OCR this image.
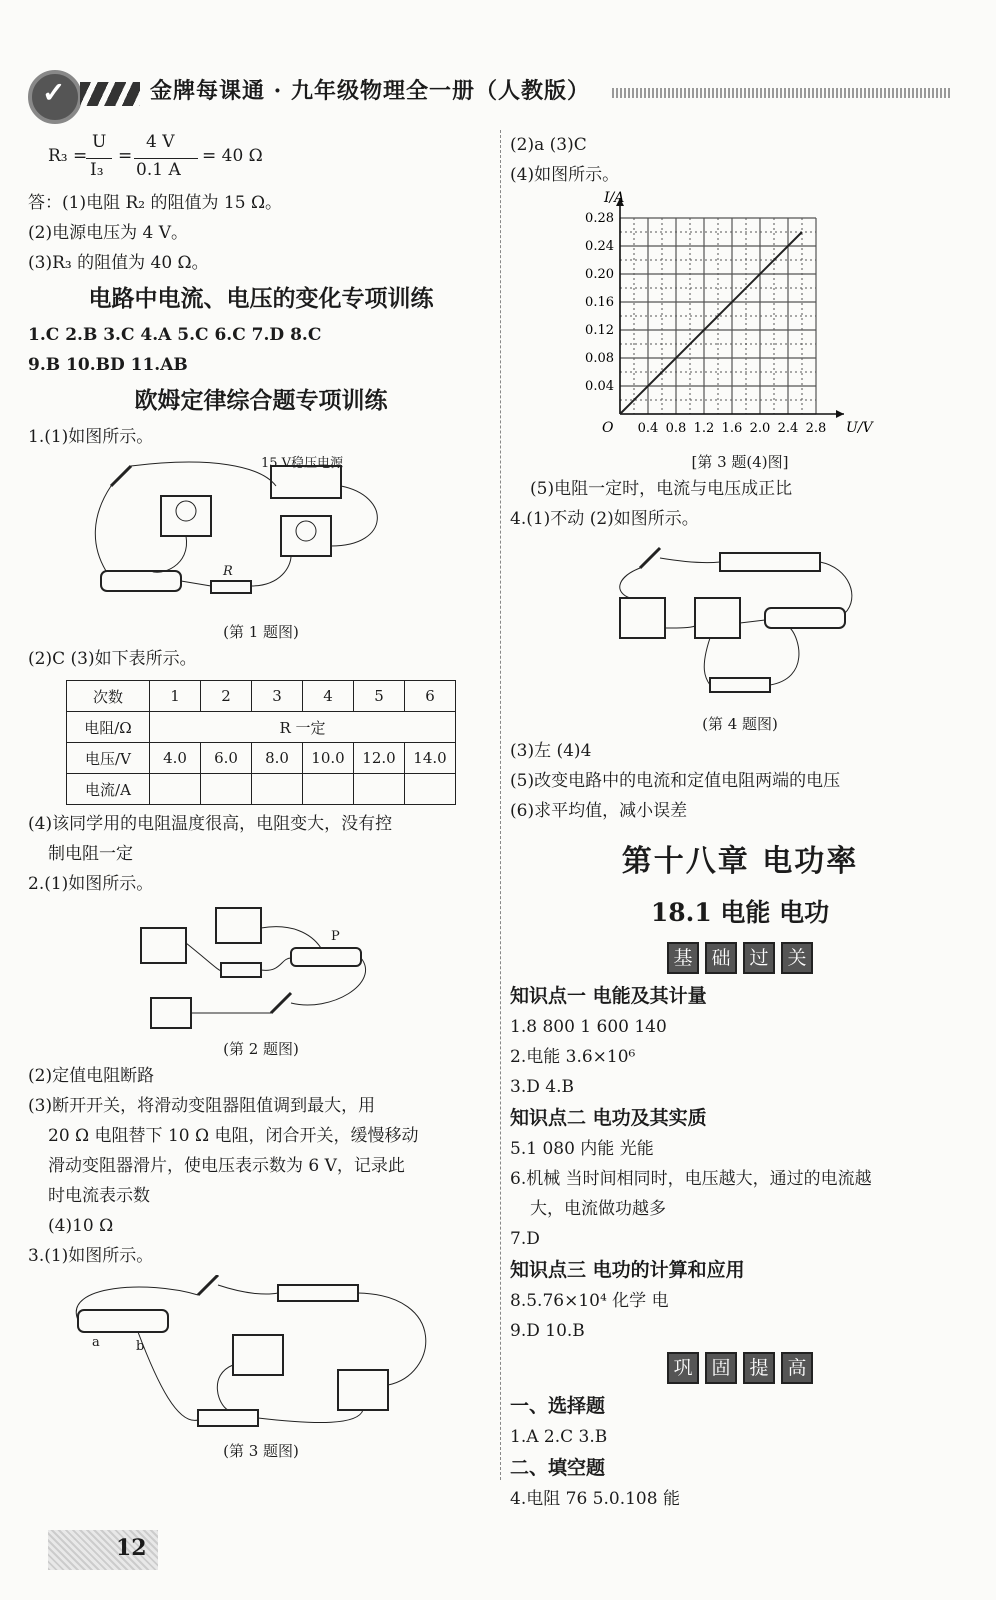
✓
金牌每课通 · 九年级物理全一册（人教版）
R₃ =
U
I₃
=
4 V
0.1 A
= 40 Ω

答：(1)电阻 R₂ 的阻值为 15 Ω。

(2)电源电压为 4 V。

(3)R₃ 的阻值为 40 Ω。

电路中电流、电压的变化专项训练

1.C 2.B 3.C 4.A 5.C 6.C 7.D 8.C

9.B 10.BD 11.AB

欧姆定律综合题专项训练

1.(1)如图所示。

15 V稳压电源
R
(第 1 题图)

(2)C (3)如下表所示。

次数	1	2	3	4	5	6
电阻/Ω	R 一定					
电压/V	4.0	6.0	8.0	10.0	12.0	14.0
电流/A						

(4)该同学用的电阻温度很高，电阻变大，没有控

制电阻一定

2.(1)如图所示。

P
(第 2 题图)

(2)定值电阻断路

(3)断开开关，将滑动变阻器阻值调到最大，用

20 Ω 电阻替下 10 Ω 电阻，闭合开关，缓慢移动

滑动变阻器滑片，使电压表示数为 6 V，记录此

时电流表示数

(4)10 Ω

3.(1)如图所示。

a	b
(第 3 题图)

(2)a (3)C

(4)如图所示。

0.4 0.8 1.2 1.6 2.0 2.4 2.8
0.04
0.08
0.12
0.16
0.20
0.24
0.28
I/A
U/V
O
[第 3 题(4)图]

(5)电阻一定时，电流与电压成正比

4.(1)不动 (2)如图所示。

(第 4 题图)

(3)左 (4)4

(5)改变电路中的电流和定值电阻两端的电压

(6)求平均值，减小误差

第十八章 电功率
18.1 电能 电功
基 础 过 关

知识点一 电能及其计量

1.8 800 1 600 140

2.电能 3.6×10⁶

3.D 4.B

知识点二 电功及其实质

5.1 080 内能 光能

6.机械 当时间相同时，电压越大，通过的电流越

大，电流做功越多

7.D

知识点三 电功的计算和应用

8.5.76×10⁴ 化学 电

9.D 10.B

巩 固 提 高

一、选择题

1.A 2.C 3.B

二、填空题

4.电阻 76 5.0.108 能

12
